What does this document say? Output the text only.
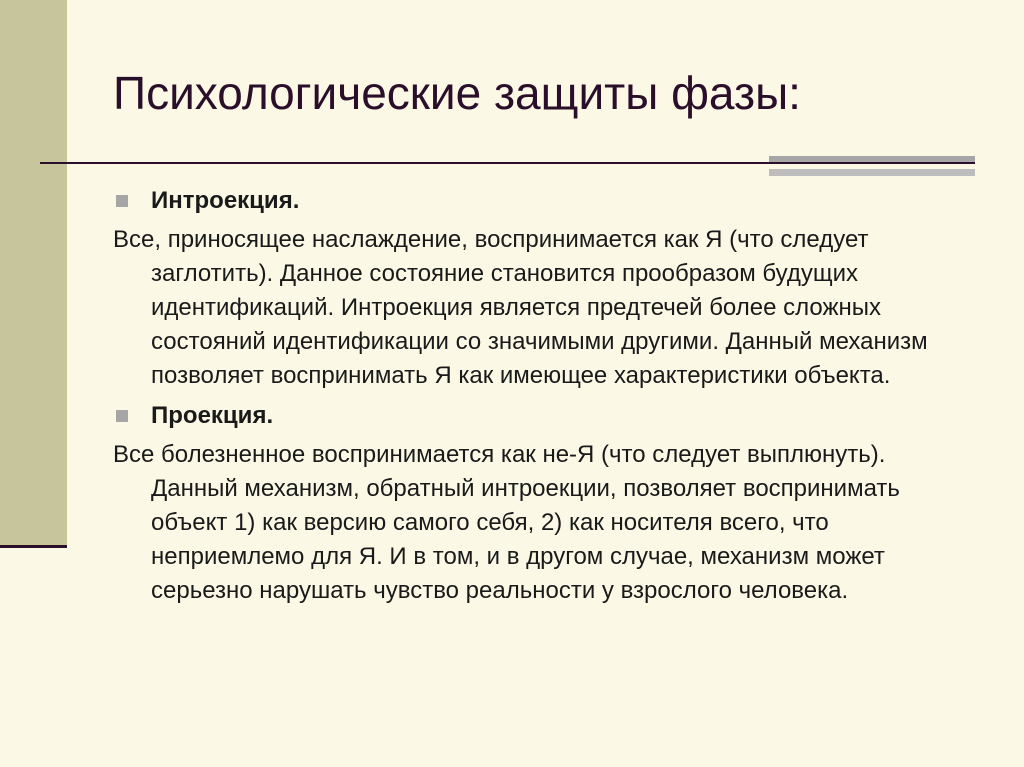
Психологические защиты фазы:
Интроекция.

Все, приносящее наслаждение, воспринимается как Я (что следует заглотить). Данное состояние становится прообразом будущих идентификаций. Интроекция является предтечей более сложных состояний идентификации со значимыми другими. Данный механизм позволяет воспринимать Я как имеющее характеристики объекта.

Проекция.

Все болезненное воспринимается как не-Я (что следует выплюнуть). Данный механизм, обратный интроекции, позволяет воспринимать объект 1) как версию самого себя, 2) как носителя всего, что неприемлемо для Я. И в том, и в другом случае, механизм может серьезно нарушать чувство реальности у взрослого человека.
